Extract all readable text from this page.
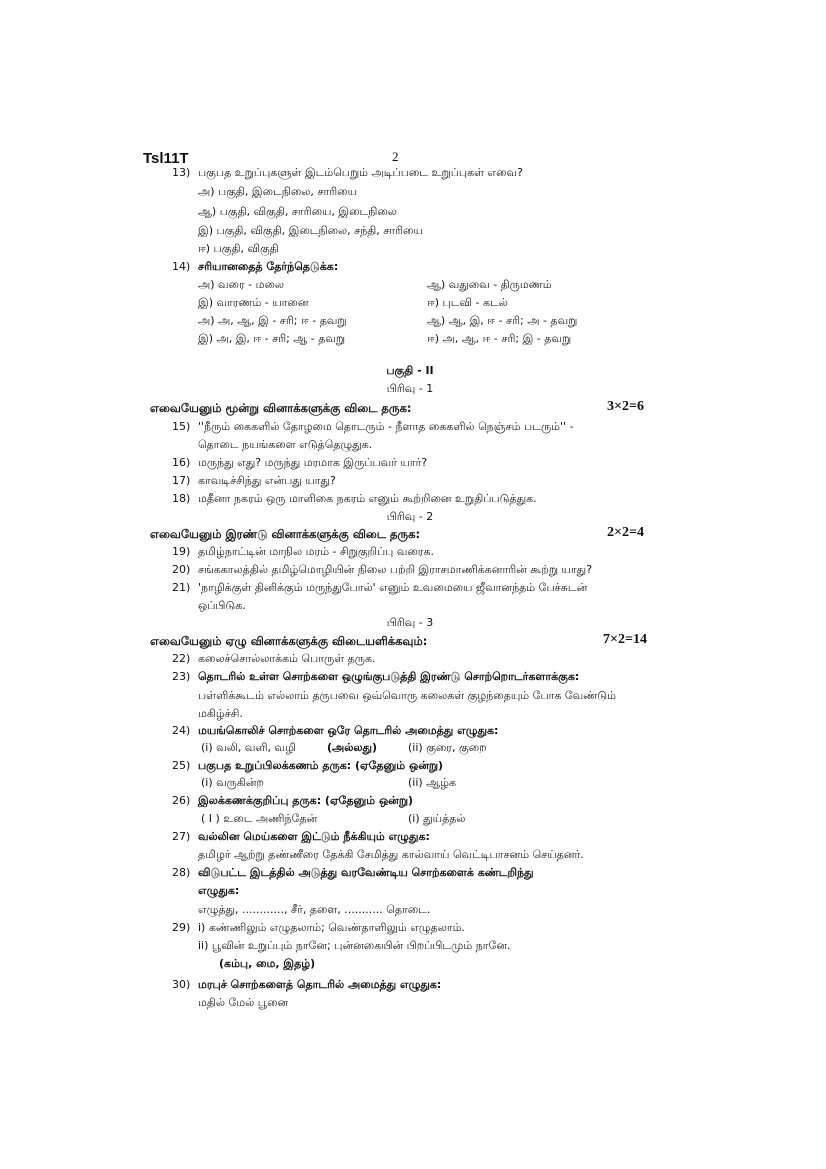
Tsl11T	2
13) பகுபத உறுப்புகளுள் இடம்பெறும் அடிப்படை உறுப்புகள் எவை?
அ) பகுதி, இடைநிலை, சாரியை
ஆ) பகுதி, விகுதி, சாரியை, இடைநிலை
இ) பகுதி, விகுதி, இடைநிலை, சந்தி, சாரியை
ஈ) பகுதி, விகுதி
14) சரியானதைத் தேர்ந்தெடுக்க:
அ) வரை - மலை	ஆ) வதுவை - திருமணம்
இ) வாரணம் - யானை	ஈ) புடவி - கடல்
அ) அ, ஆ, இ - சரி; ஈ - தவறு	ஆ) ஆ, இ, ஈ - சரி; அ - தவறு
இ) அ, இ, ஈ - சரி; ஆ - தவறு	ஈ) அ, ஆ, ஈ - சரி; இ - தவறு
பகுதி - II
பிரிவு - 1
எவையேனும் மூன்று வினாக்களுக்கு விடை தருக:	3×2=6
15) ''நீரும் கைகளில் தோழமை தொடரும் - நீளாத கைகளில் நெஞ்சம் படரும்'' -
தொடை நயங்களை எடுத்தெழுதுக.
16) மருந்து எது? மருந்து மரமாக இருப்பவர் யார்?
17) காவடிச்சிந்து என்பது யாது?
18) மதீனா நகரம் ஒரு மாளிகை நகரம் எனும் கூற்றினை உறுதிப்படுத்துக.
பிரிவு - 2
எவையேனும் இரண்டு வினாக்களுக்கு விடை தருக:	2×2=4
19) தமிழ்நாட்டின் மாநில மரம் - சிறுகுறிப்பு வரைக.
20) சங்ககாலத்தில் தமிழ்மொழியின் நிலை பற்றி இராசமாணிக்கனாரின் கூற்று யாது?
21) 'நாழிக்குள் தினிக்கும் மருந்துபோல்' எனும் உவமையை ஜீவானந்தம் பேச்சுடன்
ஒப்பிடுக.
பிரிவு - 3
எவையேனும் ஏழு வினாக்களுக்கு விடையளிக்கவும்:	7×2=14
22) கலைச்சொல்லாக்கம் பொருள் தருக.
23) தொடரில் உள்ள சொற்களை ஒழுங்குபடுத்தி இரண்டு சொற்றொடர்களாக்குக:
பள்ளிக்கூடம் எல்லாம் தருபவை ஒவ்வொரு கலைகள் குழந்தையும் போக வேண்டும்
மகிழ்ச்சி.
24) மயங்கொலிச் சொற்களை ஒரே தொடரில் அமைத்து எழுதுக:
(i) வலி, வளி, வழி	(அல்லது)	(ii) குரை, குறை
25) பகுபத உறுப்பிலக்கணம் தருக: (ஏதேனும் ஒன்று)
(i) வருகின்ற	(ii) ஆழ்க
26) இலக்கணக்குறிப்பு தருக: (ஏதேனும் ஒன்று)
( I ) உடை அணிந்தேன்	(i) துய்த்தல்
27) வல்லின மெய்களை இட்டும் நீக்கியும் எழுதுக:
தமிழர் ஆற்று தண்ணீரை தேக்கி சேமித்து கால்வாய் வெட்டிபாசனம் செய்தனர்.
28) விடுபட்ட இடத்தில் அடுத்து வரவேண்டிய சொற்களைக் கண்டறிந்து
எழுதுக:
எழுத்து, ............, சீர், தளை, ........... தொடை.
29) i) கண்ணிலும் எழுதலாம்; வெண்தாளிலும் எழுதலாம்.
ii) பூவின் உறுப்பும் நானே; புன்னகையின் பிறப்பிடமும் நானே.
(கம்பு, மை, இதழ்)
30) மரபுச் சொற்களைத் தொடரில் அமைத்து எழுதுக:
மதில் மேல் பூனை
